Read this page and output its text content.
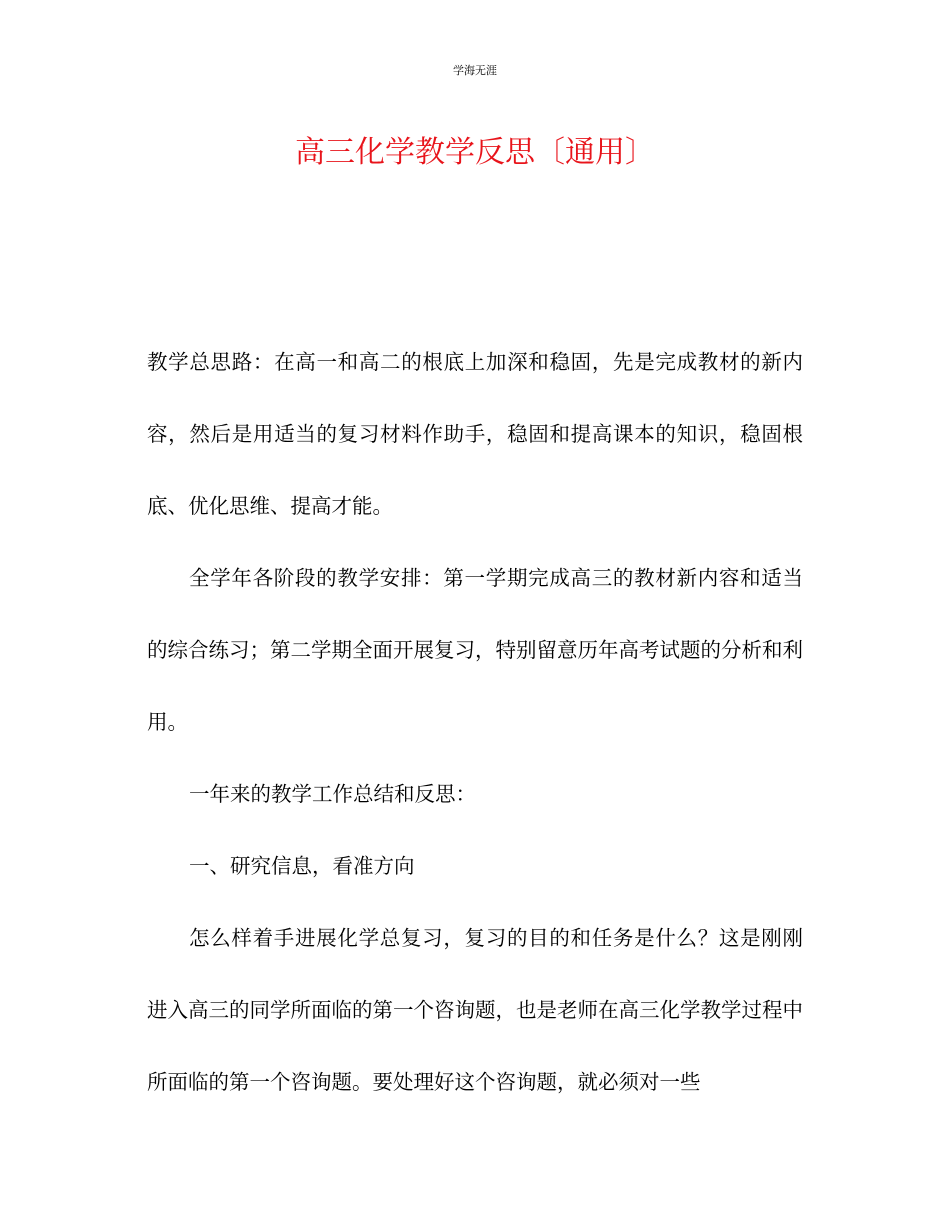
学海无涯
高三化学教学反思〔通用〕

教学总思路：在高一和高二的根底上加深和稳固，先是完成教材的新内容，然后是用适当的复习材料作助手，稳固和提高课本的知识，稳固根底、优化思维、提高才能。

全学年各阶段的教学安排：第一学期完成高三的教材新内容和适当的综合练习；第二学期全面开展复习，特别留意历年高考试题的分析和利用。

一年来的教学工作总结和反思：

一、研究信息，看准方向

怎么样着手进展化学总复习，复习的目的和任务是什么？这是刚刚进入高三的同学所面临的第一个咨询题，也是老师在高三化学教学过程中所面临的第一个咨询题。要处理好这个咨询题，就必须对一些
